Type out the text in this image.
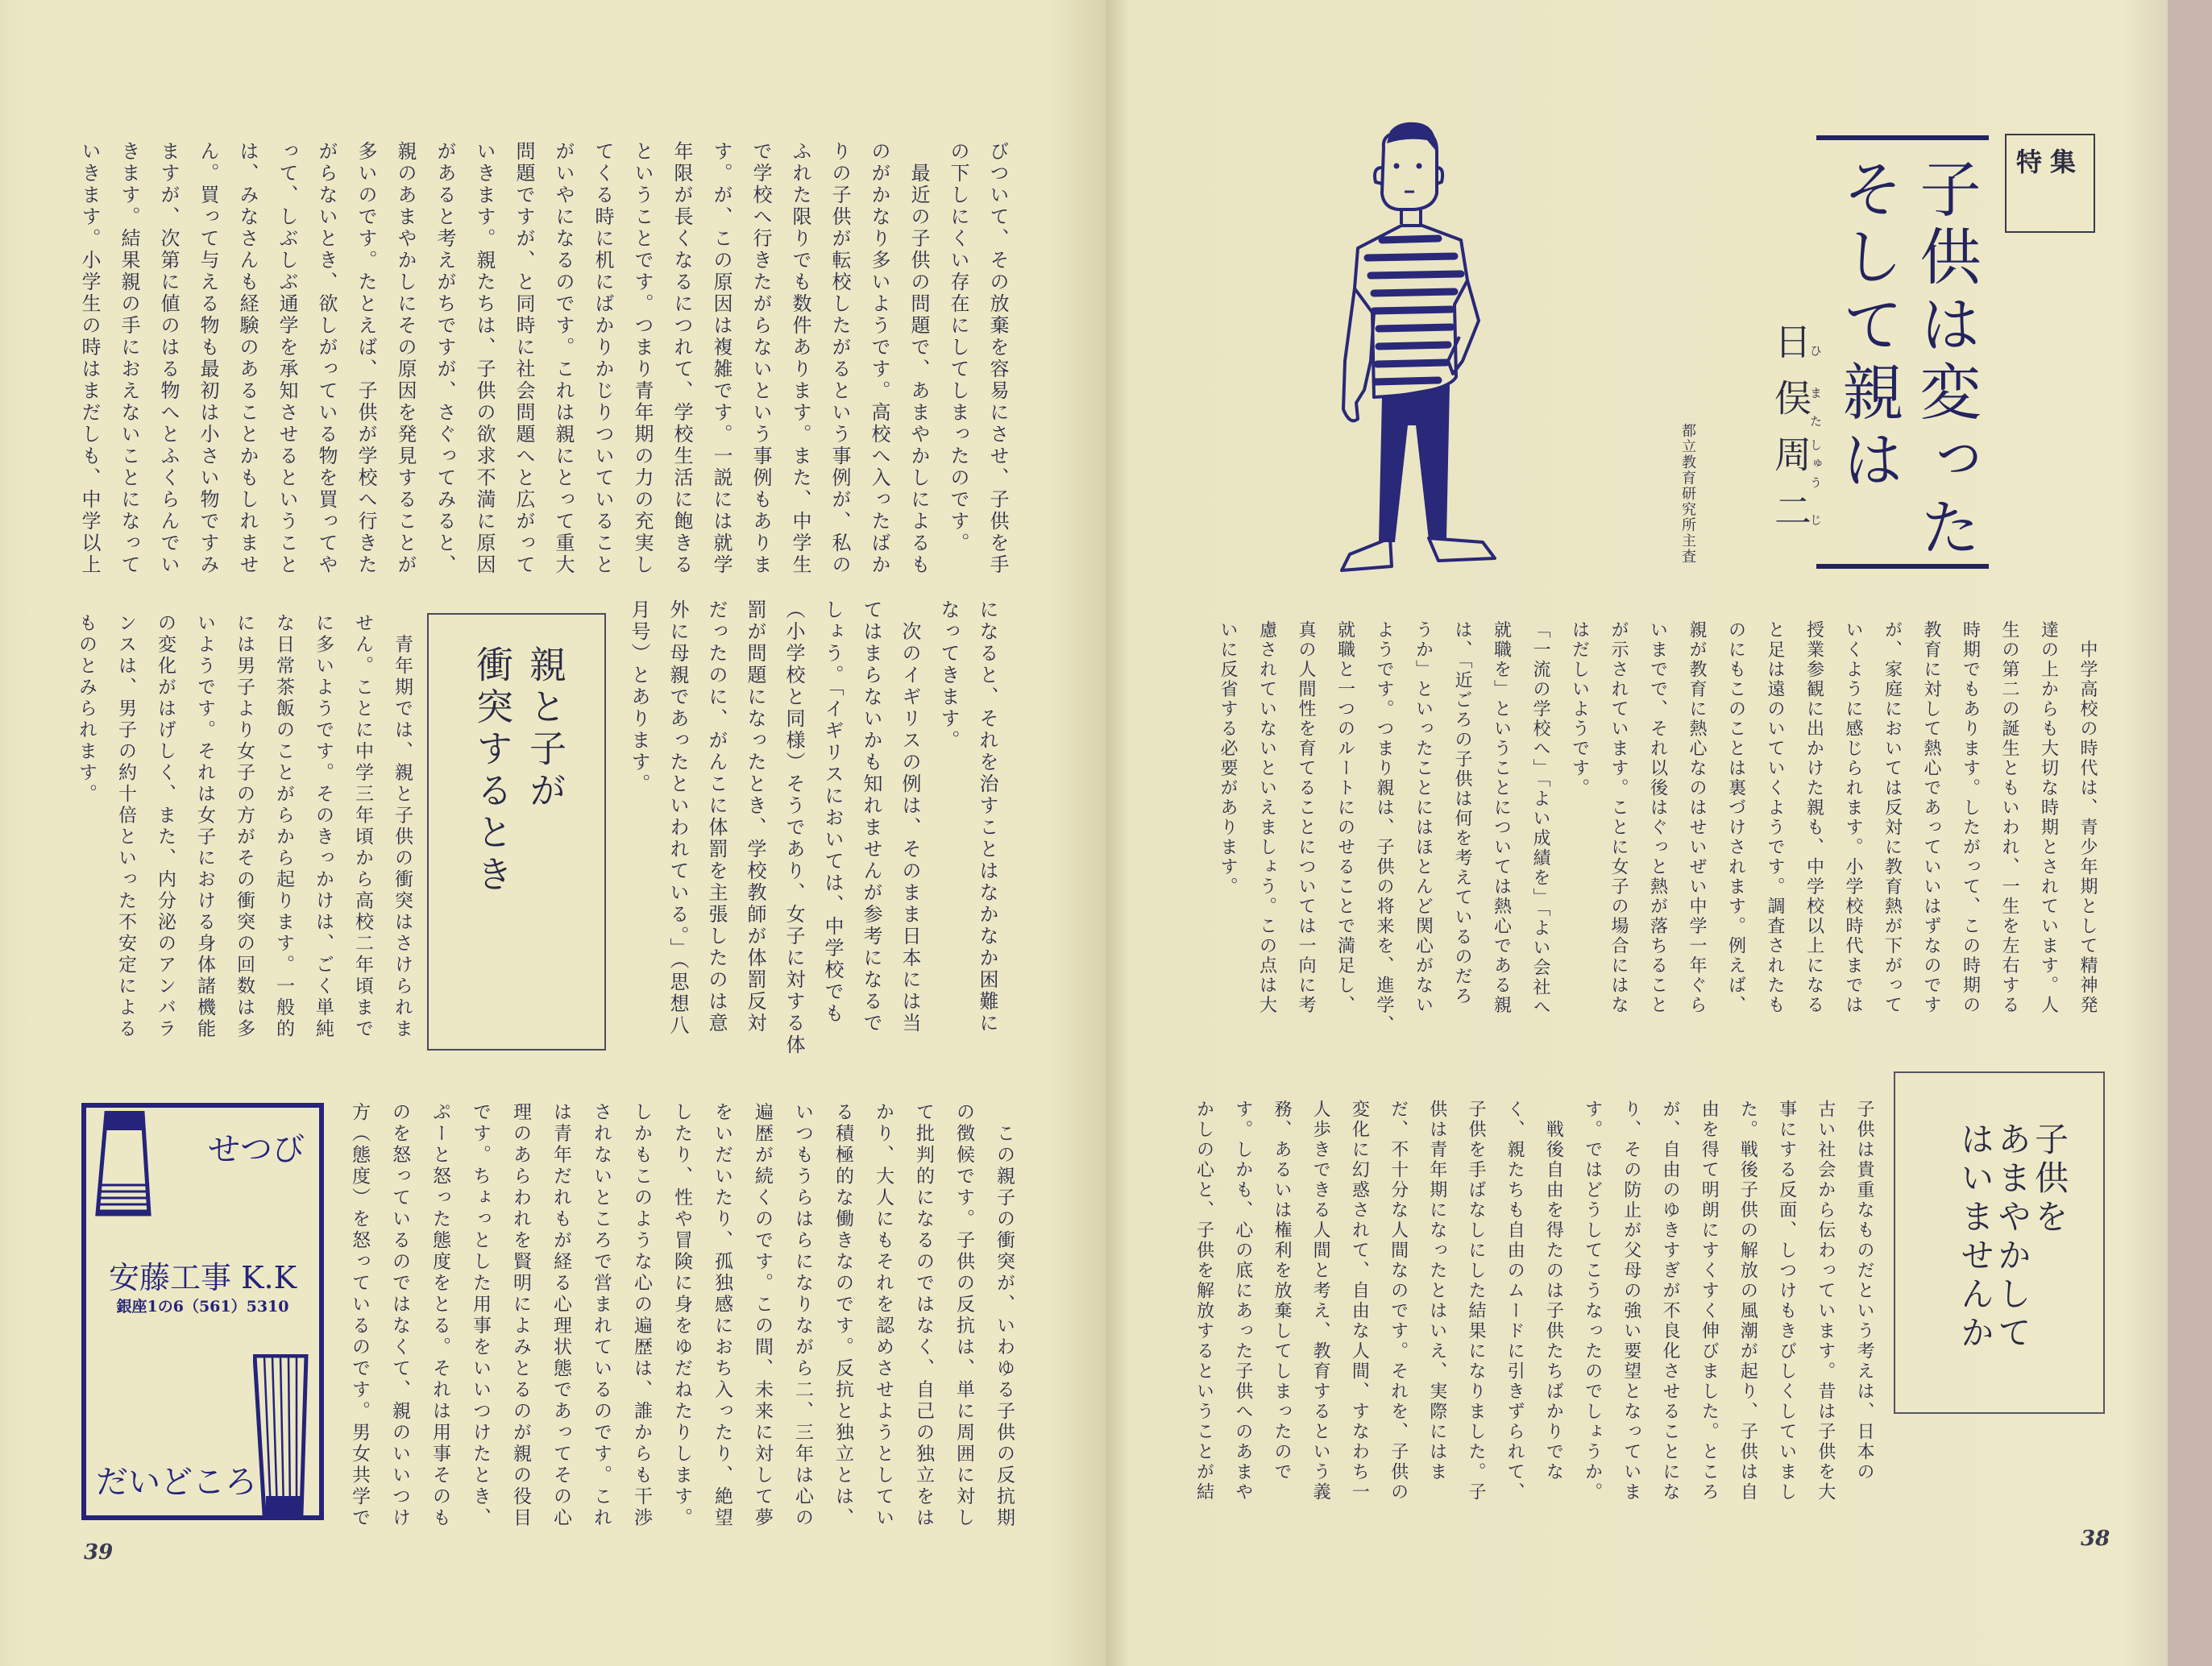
びついて、その放棄を容易にさせ、子供を手
の下しにくい存在にしてしまったのです。
　最近の子供の問題で、あまやかしによるも
のがかなり多いようです。高校へ入ったばか
りの子供が転校したがるという事例が、私の
ふれた限りでも数件あります。また、中学生
で学校へ行きたがらないという事例もありま
す。が、この原因は複雑です。一説には就学
年限が長くなるにつれて、学校生活に飽きる
ということです。つまり青年期の力の充実し
てくる時に机にばかりかじりついていること
がいやになるのです。これは親にとって重大
問題ですが、と同時に社会問題へと広がって
いきます。親たちは、子供の欲求不満に原因
があると考えがちですが、さぐってみると、
親のあまやかしにその原因を発見することが
多いのです。たとえば、子供が学校へ行きた
がらないとき、欲しがっている物を買ってや
って、しぶしぶ通学を承知させるということ
は、みなさんも経験のあることかもしれませ
ん。買って与える物も最初は小さい物ですみ
ますが、次第に値のはる物へとふくらんでい
きます。結果親の手におえないことになって
いきます。小学生の時はまだしも、中学以上
になると、それを治すことはなかなか困難に
なってきます。
　次のイギリスの例は、そのまま日本には当
てはまらないかも知れませんが参考になるで
しょう。「イギリスにおいては、中学校でも
（小学校と同様）そうであり、女子に対する体
罰が問題になったとき、学校教師が体罰反対
だったのに、がんこに体罰を主張したのは意
外に母親であったといわれている。」（思想八
月号）とあります。
親と子が
衝突するとき
　青年期では、親と子供の衝突はさけられま
せん。ことに中学三年頃から高校二年頃まで
に多いようです。そのきっかけは、ごく単純
な日常茶飯のことがらから起ります。一般的
には男子より女子の方がその衝突の回数は多
いようです。それは女子における身体諸機能
の変化がはげしく、また、内分泌のアンバラ
ンスは、男子の約十倍といった不安定による
ものとみられます。
　この親子の衝突が、いわゆる子供の反抗期
の徴候です。子供の反抗は、単に周囲に対し
て批判的になるのではなく、自己の独立をは
かり、大人にもそれを認めさせようとしてい
る積極的な働きなのです。反抗と独立とは、
いつもうらはらになりながら二、三年は心の
遍歴が続くのです。この間、未来に対して夢
をいだいたり、孤独感におち入ったり、絶望
したり、性や冒険に身をゆだねたりします。
しかもこのような心の遍歴は、誰からも干渉
されないところで営まれているのです。これ
は青年だれもが経る心理状態であってその心
理のあらわれを賢明によみとるのが親の役目
です。ちょっとした用事をいいつけたとき、
ぷーと怒った態度をとる。それは用事そのも
のを怒っているのではなくて、親のいいつけ
方（態度）を怒っているのです。男女共学で
せつび
安藤工事 K.K
銀座1の6（561）5310
だいどころ
39
特集
子供は変った
そして親は
日ひ俣また周しゅう二じ
都立教育研究所主査
　中学高校の時代は、青少年期として精神発
達の上からも大切な時期とされています。人
生の第二の誕生ともいわれ、一生を左右する
時期でもあります。したがって、この時期の
教育に対して熱心であっていいはずなのです
が、家庭においては反対に教育熱が下がって
いくように感じられます。小学校時代までは
授業参観に出かけた親も、中学校以上になる
と足は遠のいていくようです。調査されたも
のにもこのことは裏づけされます。例えば、
親が教育に熱心なのはせいぜい中学一年ぐら
いまでで、それ以後はぐっと熱が落ちること
が示されています。ことに女子の場合にはな
はだしいようです。
「一流の学校へ」「よい成績を」「よい会社へ
就職を」ということについては熱心である親
は、「近ごろの子供は何を考えているのだろ
うか」といったことにはほとんど関心がない
ようです。つまり親は、子供の将来を、進学、
就職と一つのルートにのせることで満足し、
真の人間性を育てることについては一向に考
慮されていないといえましょう。この点は大
いに反省する必要があります。
子供を
あまやかして
はいませんか
子供は貴重なものだという考えは、日本の
古い社会から伝わっています。昔は子供を大
事にする反面、しつけもきびしくしていまし
た。戦後子供の解放の風潮が起り、子供は自
由を得て明朗にすくすく伸びました。ところ
が、自由のゆきすぎが不良化させることにな
り、その防止が父母の強い要望となっていま
す。ではどうしてこうなったのでしょうか。
　戦後自由を得たのは子供たちばかりでな
く、親たちも自由のムードに引きずられて、
子供を手ばなしにした結果になりました。子
供は青年期になったとはいえ、実際にはま
だ、不十分な人間なのです。それを、子供の
変化に幻惑されて、自由な人間、すなわち一
人歩きできる人間と考え、教育するという義
務、あるいは権利を放棄してしまったので
す。しかも、心の底にあった子供へのあまや
かしの心と、子供を解放するということが結
38
